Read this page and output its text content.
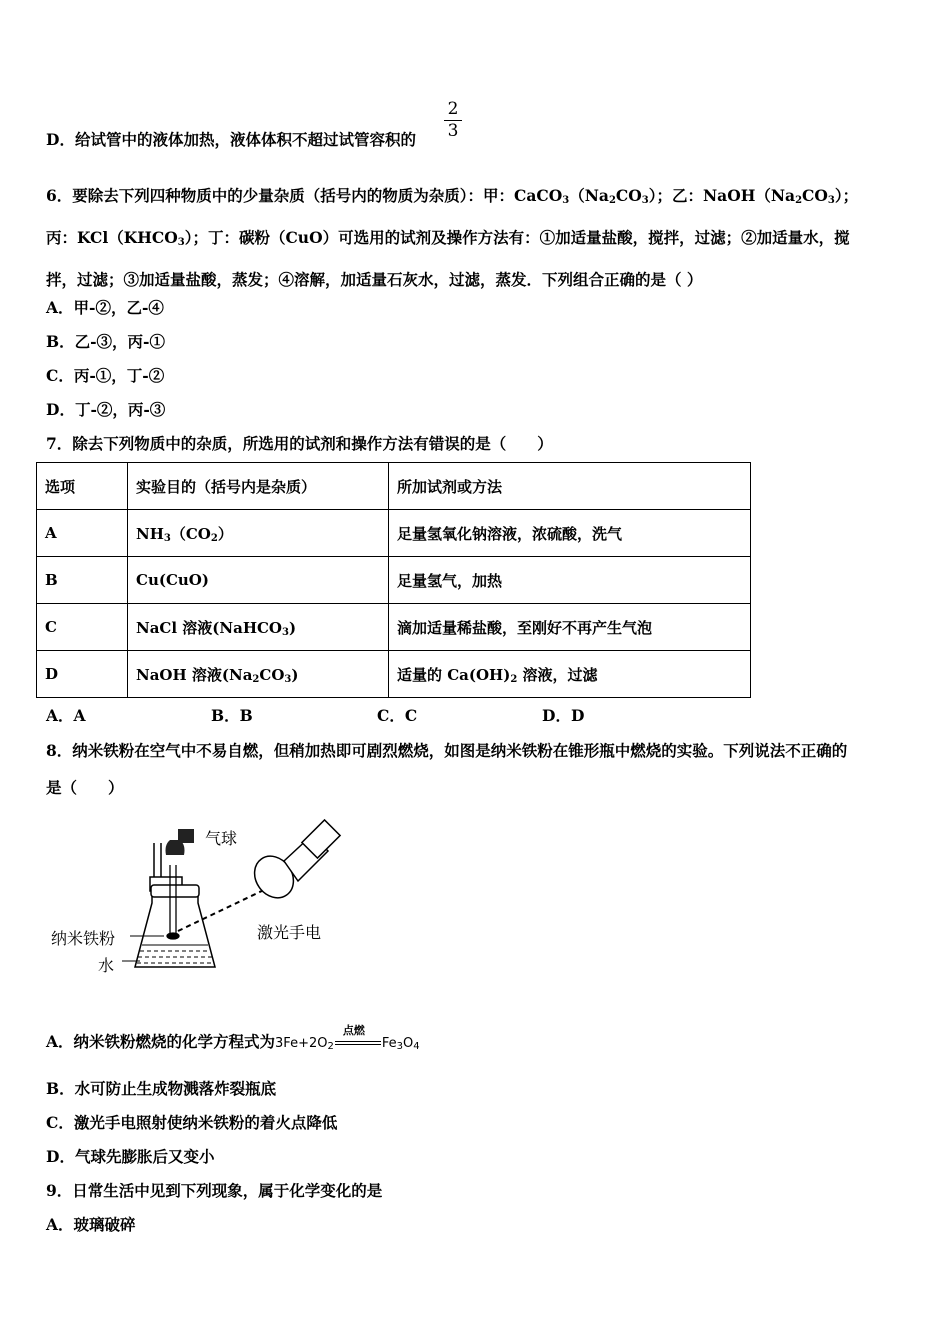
D．给试管中的液体加热，液体体积不超过试管容积的
2
3
6．要除去下列四种物质中的少量杂质（括号内的物质为杂质）：甲：$CaCO_3(Na_2CO_3)$；乙：$NaOH(Na_2CO_3)$；
丙：$KCl(KHCO_3)$；丁：碳粉（CuO）可选用的试剂及操作方法有：①加适量盐酸，搅拌，过滤；②加适量水，搅
拌，过滤；③加适量盐酸，蒸发；④溶解，加适量石灰水，过滤，蒸发．下列组合正确的是（ ）
A．甲-②，乙-④
B．乙-③，丙-①
C．丙-①，丁-②
D．丁-②，丙-③
7．除去下列物质中的杂质，所选用的试剂和操作方法有错误的是（　　）
选项	实验目的（括号内是杂质）	所加试剂或方法
A	$NH_3(CO_2)$	足量氢氧化钠溶液，浓硫酸，洗气
B	Cu(CuO)	足量氢气，加热
C	NaCl 溶液(NaHCO$_3$)	滴加适量稀盐酸，至刚好不再产生气泡
D	NaOH 溶液$(Na_2CO_3)$	适量的 $Ca(OH)_2$ 溶液，过滤
A．A	B．B	C．C	D．D
8．纳米铁粉在空气中不易自燃，但稍加热即可剧烈燃烧，如图是纳米铁粉在锥形瓶中燃烧的实验。下列说法不正确的
是（　　）
气球
纳米铁粉
水
激光手电
A．纳米铁粉燃烧的化学方程式为$3Fe+2O_2$
点燃
$Fe_3O_4$
B．水可防止生成物溅落炸裂瓶底
C．激光手电照射使纳米铁粉的着火点降低
D．气球先膨胀后又变小
9．日常生活中见到下列现象，属于化学变化的是
A．玻璃破碎
